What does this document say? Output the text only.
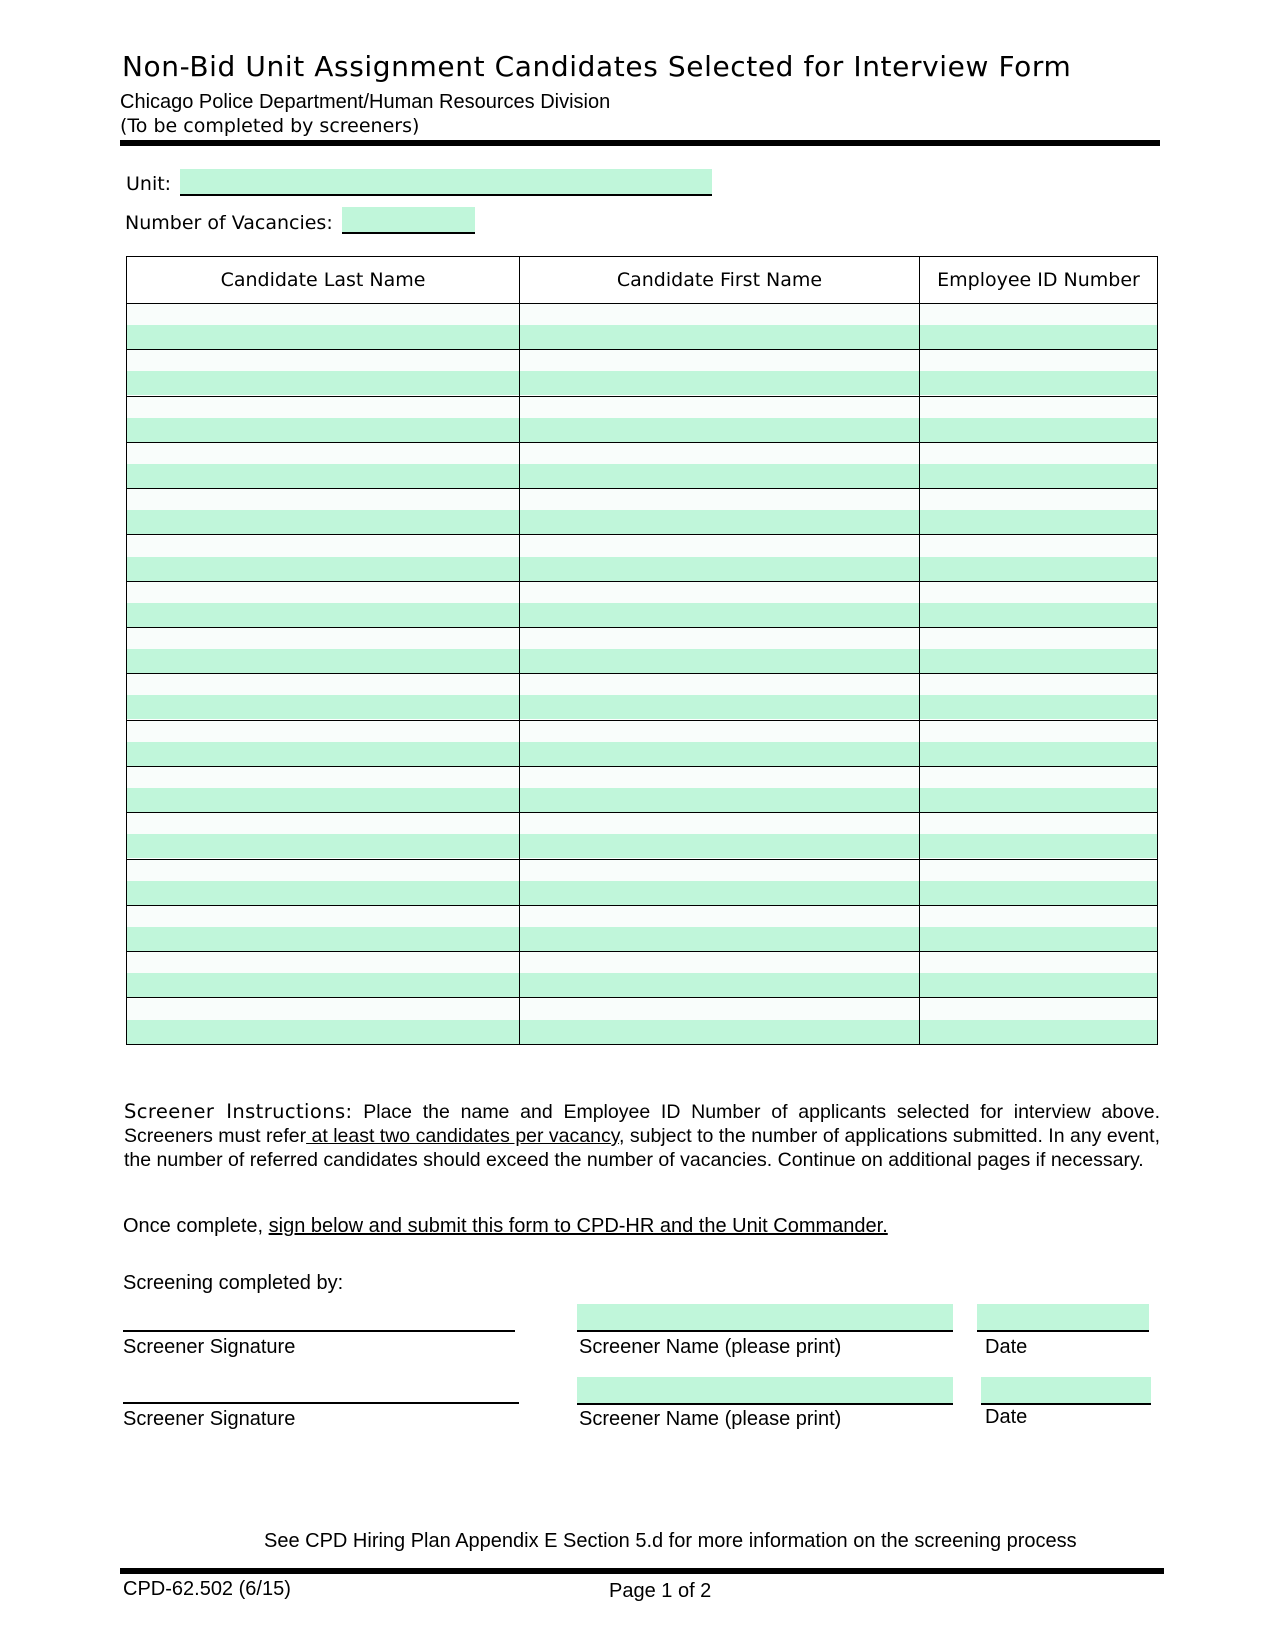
Non-Bid Unit Assignment Candidates Selected for Interview Form
Chicago Police Department/Human Resources Division
(To be completed by screeners)
Unit:
Number of Vacancies:
Candidate Last Name	Candidate First Name	Employee ID Number
Screener Instructions: Place the name and Employee ID Number of applicants selected for interview above. Screeners must refer at least two candidates per vacancy, subject to the number of applications submitted. In any event, the number of referred candidates should exceed the number of vacancies. Continue on additional pages if necessary.
Once complete, sign below and submit this form to CPD-HR and the Unit Commander.
Screening completed by:
Screener Signature	Screener Name (please print)	Date
Screener Signature	Screener Name (please print)	Date
See CPD Hiring Plan Appendix E Section 5.d for more information on the screening process
CPD-62.502 (6/15)	Page 1 of 2
